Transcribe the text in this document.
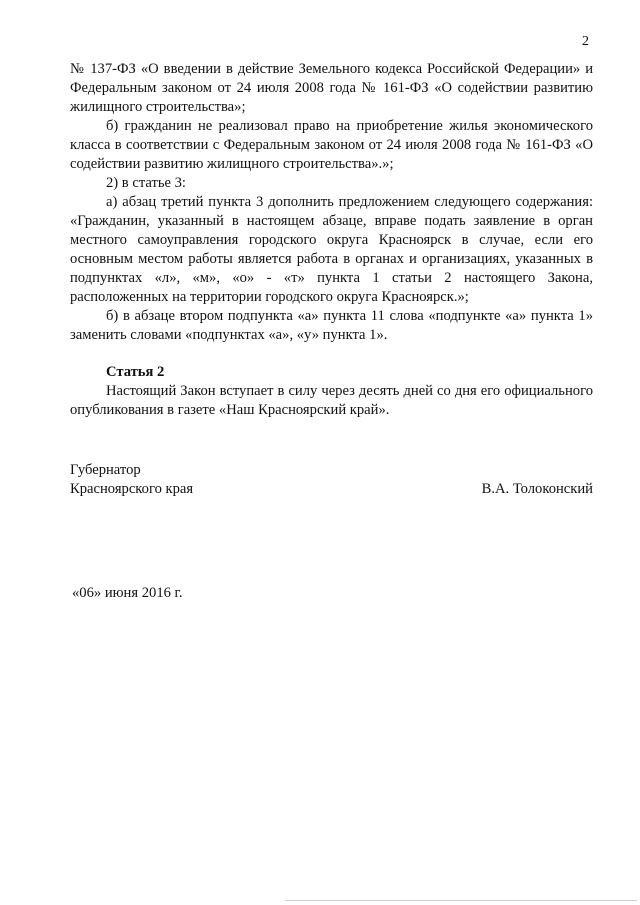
2

№ 137-ФЗ «О введении в действие Земельного кодекса Российской Федерации» и Федеральным законом от 24 июля 2008 года № 161-ФЗ «О содействии развитию жилищного строительства»;

б) гражданин не реализовал право на приобретение жилья экономического класса в соответствии с Федеральным законом от 24 июля 2008 года № 161-ФЗ «О содействии развитию жилищного строительства».»;

2) в статье 3:

а) абзац третий пункта 3 дополнить предложением следующего содержания: «Гражданин, указанный в настоящем абзаце, вправе подать заявление в орган местного самоуправления городского округа Красноярск в случае, если его основным местом работы является работа в органах и организациях, указанных в подпунктах «л», «м», «о» - «т» пункта 1 статьи 2 настоящего Закона, расположенных на территории городского округа Красноярск.»;

б) в абзаце втором подпункта «а» пункта 11 слова «подпункте «а» пункта 1» заменить словами «подпунктах «а», «у» пункта 1».

Статья 2

Настоящий Закон вступает в силу через десять дней со дня его официального опубликования в газете «Наш Красноярский край».

Губернатор
Красноярского края	В.А. Толоконский
«06» июня 2016 г.
